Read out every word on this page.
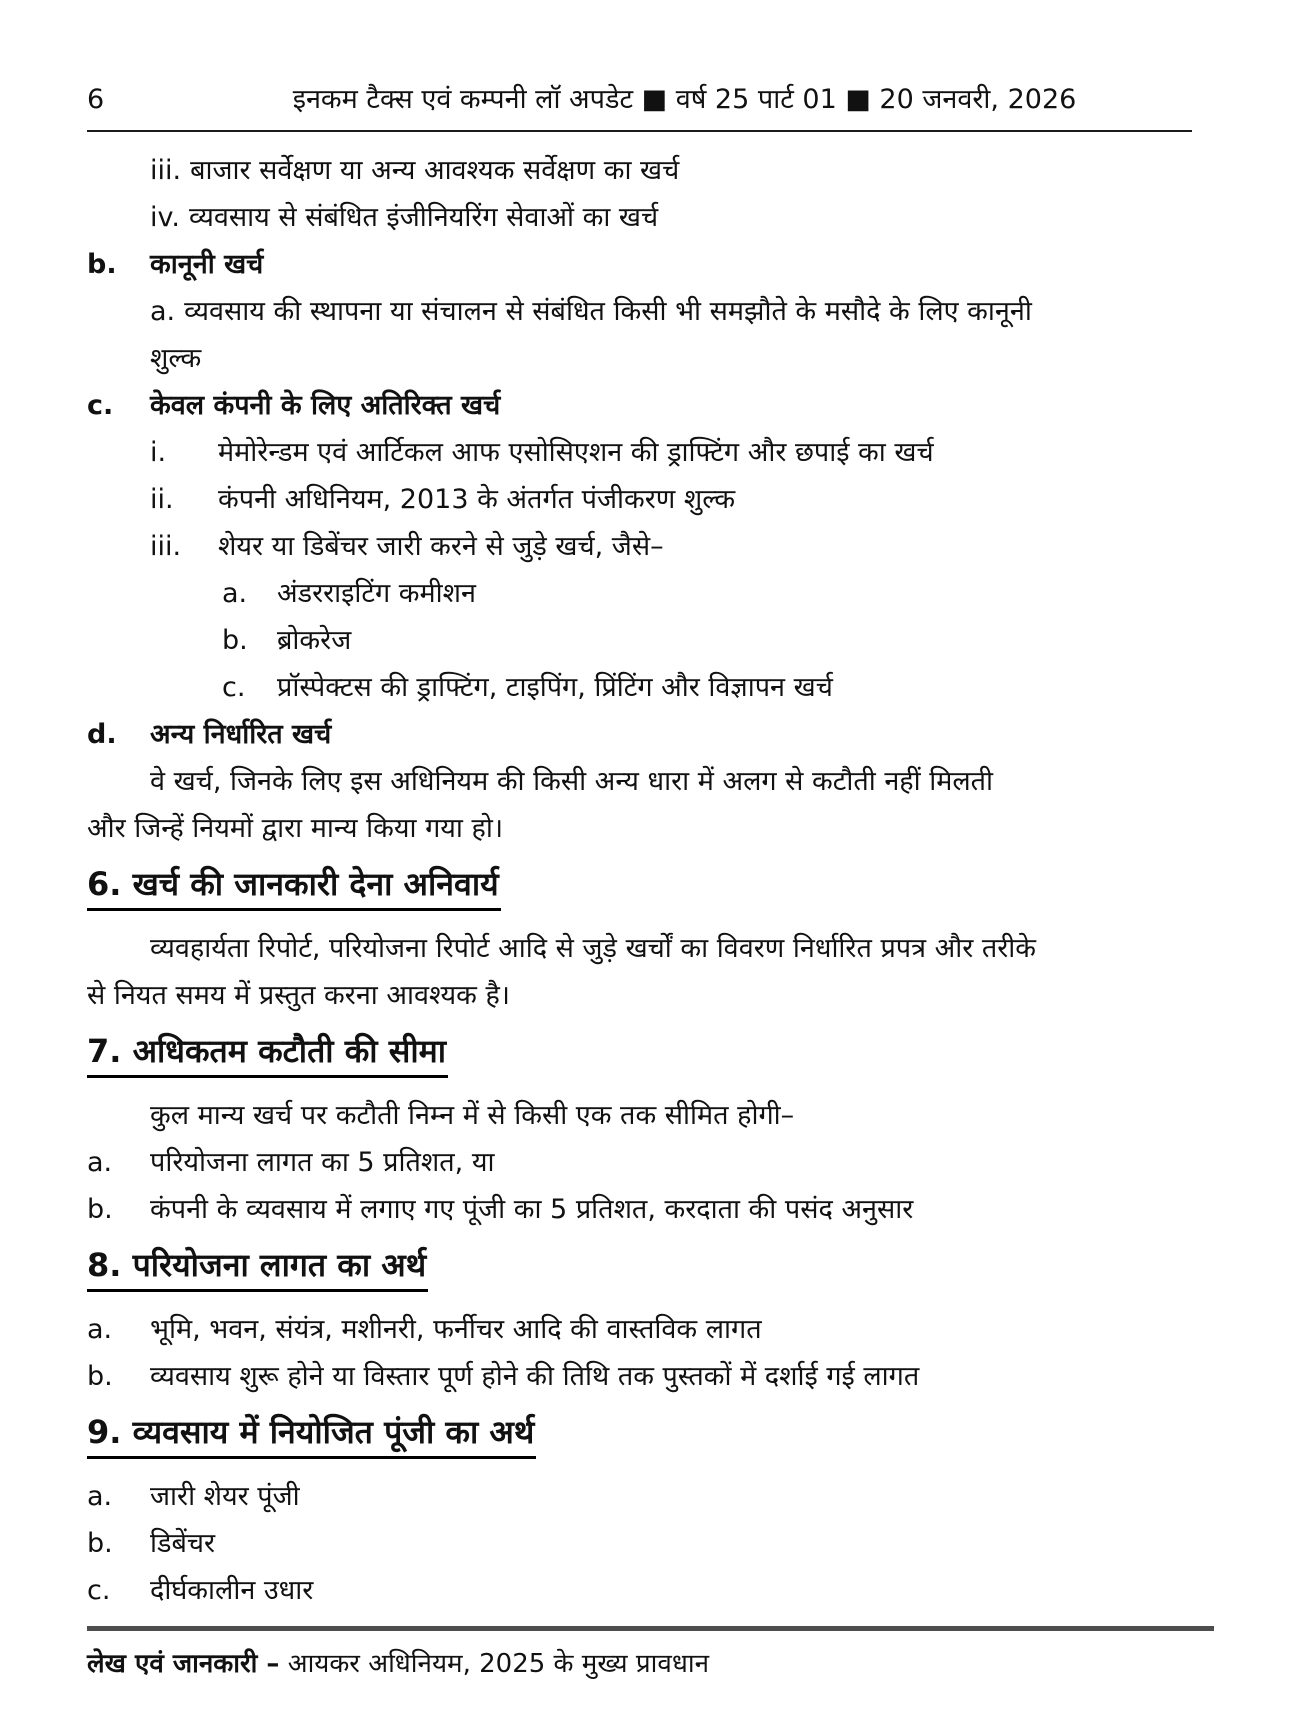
6	इनकम टैक्स एवं कम्पनी लॉ अपडेट ■ वर्ष 25 पार्ट 01 ■ 20 जनवरी, 2026
iii. बाजार सर्वेक्षण या अन्य आवश्यक सर्वेक्षण का खर्च
iv. व्यवसाय से संबंधित इंजीनियरिंग सेवाओं का खर्च
b.	कानूनी खर्च
a. व्यवसाय की स्थापना या संचालन से संबंधित किसी भी समझौते के मसौदे के लिए कानूनी
शुल्क
c.	केवल कंपनी के लिए अतिरिक्त खर्च
i.	मेमोरेन्डम एवं आर्टिकल आफ एसोसिएशन की ड्राफ्टिंग और छपाई का खर्च
ii.	कंपनी अधिनियम, 2013 के अंतर्गत पंजीकरण शुल्क
iii.	शेयर या डिबेंचर जारी करने से जुड़े खर्च, जैसे–
a.	अंडरराइटिंग कमीशन
b.	ब्रोकरेज
c.	प्रॉस्पेक्टस की ड्राफ्टिंग, टाइपिंग, प्रिंटिंग और विज्ञापन खर्च
d.	अन्य निर्धारित खर्च
वे खर्च, जिनके लिए इस अधिनियम की किसी अन्य धारा में अलग से कटौती नहीं मिलती
और जिन्हें नियमों द्वारा मान्य किया गया हो।
6. खर्च की जानकारी देना अनिवार्य
व्यवहार्यता रिपोर्ट, परियोजना रिपोर्ट आदि से जुड़े खर्चों का विवरण निर्धारित प्रपत्र और तरीके
से नियत समय में प्रस्तुत करना आवश्यक है।
7. अधिकतम कटौती की सीमा
कुल मान्य खर्च पर कटौती निम्न में से किसी एक तक सीमित होगी–
a.	परियोजना लागत का 5 प्रतिशत, या
b.	कंपनी के व्यवसाय में लगाए गए पूंजी का 5 प्रतिशत, करदाता की पसंद अनुसार
8. परियोजना लागत का अर्थ
a.	भूमि, भवन, संयंत्र, मशीनरी, फर्नीचर आदि की वास्तविक लागत
b.	व्यवसाय शुरू होने या विस्तार पूर्ण होने की तिथि तक पुस्तकों में दर्शाई गई लागत
9. व्यवसाय में नियोजित पूंजी का अर्थ
a.	जारी शेयर पूंजी
b.	डिबेंचर
c.	दीर्घकालीन उधार
लेख एवं जानकारी – आयकर अधिनियम, 2025 के मुख्य प्रावधान
